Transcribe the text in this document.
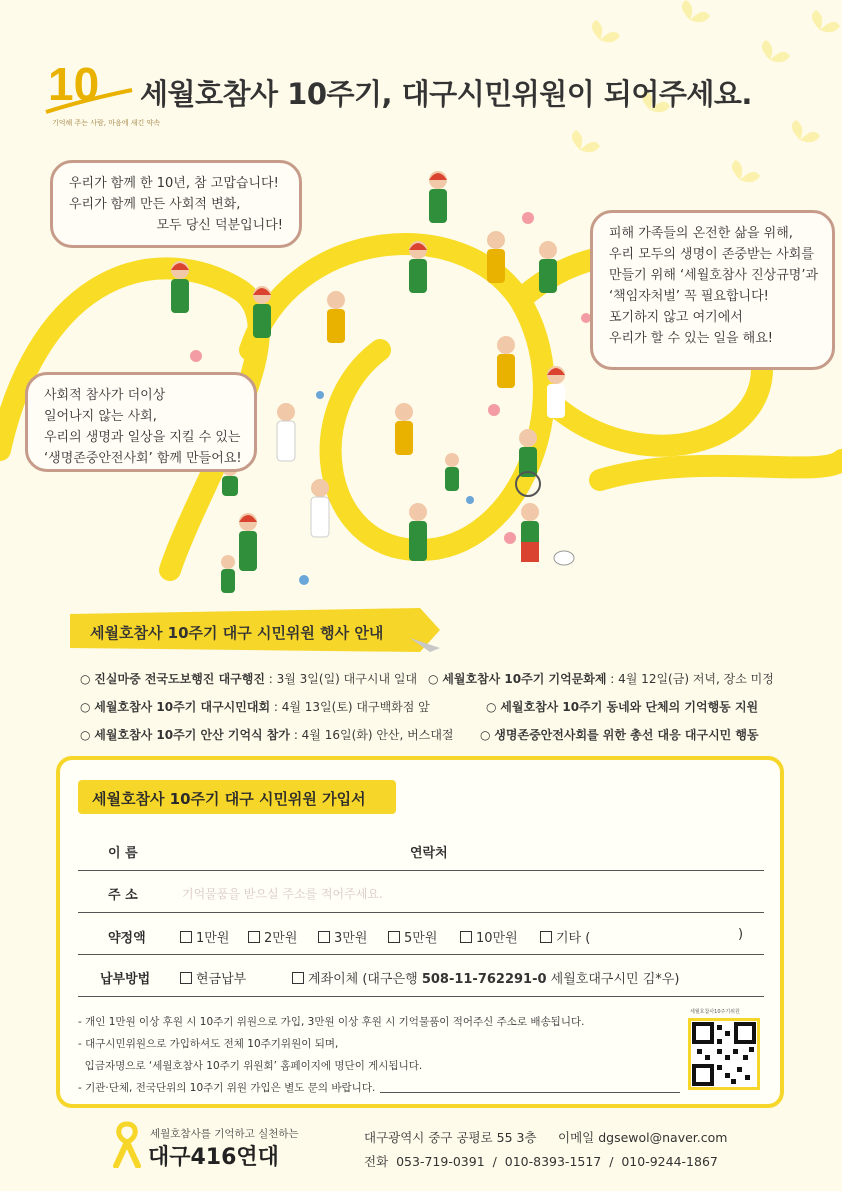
10
기억해 주는 사람, 마음에 새긴 약속
세월호참사 10주기, 대구시민위원이 되어주세요.
우리가 함께 한 10년, 참 고맙습니다!
우리가 함께 만든 사회적 변화,
모두 당신 덕분입니다!
피해 가족들의 온전한 삶을 위해,
우리 모두의 생명이 존중받는 사회를
만들기 위해 ‘세월호참사 진상규명’과
‘책임자처벌’ 꼭 필요합니다!
포기하지 않고 여기에서
우리가 할 수 있는 일을 해요!
사회적 참사가 더이상
일어나지 않는 사회,
우리의 생명과 일상을 지킬 수 있는
‘생명존중안전사회’ 함께 만들어요!
세월호참사 10주기 대구 시민위원 행사 안내
○ 진실마중 전국도보행진 대구행진 : 3월 3일(일) 대구시내 일대 ○ 세월호참사 10주기 기억문화제 : 4월 12일(금) 저녁, 장소 미정
○ 세월호참사 10주기 대구시민대회 : 4월 13일(토) 대구백화점 앞	○ 세월호참사 10주기 동네와 단체의 기억행동 지원
○ 세월호참사 10주기 안산 기억식 참가 : 4월 16일(화) 안산, 버스대절 ○ 생명존중안전사회를 위한 총선 대응 대구시민 행동
세월호참사 10주기 대구 시민위원 가입서
이 름	연락처
주 소	기억물품을 받으실 주소를 적어주세요.
약정액	1만원	2만원	3만원	5만원	10만원	기타 (	)
납부방법	현금납부	계좌이체 (대구은행 508-11-762291-0 세월호대구시민 김*우)
- 개인 1만원 이상 후원 시 10주기 위원으로 가입, 3만원 이상 후원 시 기억물품이 적어주신 주소로 배송됩니다.
- 대구시민위원으로 가입하셔도 전체 10주기위원이 되며,
입금자명으로 ‘세월호참사 10주기 위원회’ 홈페이지에 명단이 게시됩니다.
- 기관·단체, 전국단위의 10주기 위원 가입은 별도 문의 바랍니다.
세월호참사10주기위원
세월호참사를 기억하고 실천하는
대구416연대
대구광역시 중구 공평로 55 3층 이메일 dgsewol@naver.com
전화  053-719-0391  /  010-8393-1517  /  010-9244-1867
